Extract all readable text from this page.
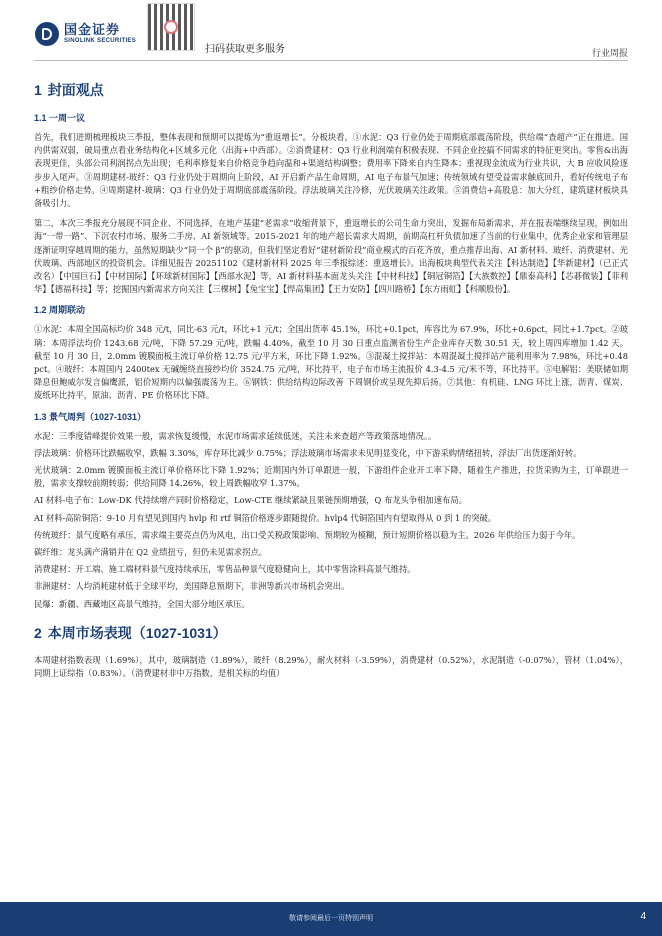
国金证券
SINOLINK SECURITIES
扫码获取更多服务	行业周报
1 封面观点
1.1 一周一议

首先，我们进期梳理板块三季报，整体表现和预期可以提炼为“重返增长”。分板块看，①水泥：Q3 行业仍处于周期底部震荡阶段，供给端“查超产”正在推进。国内供需双弱，破局重点看业务结构化+区域多元化（出海+中西部）。②消费建材：Q3 行业利润端有积极表现、不同企业控搞不同需求的特征更突出。零售&出海表现更佳，头部公司利润拐点先出现；毛利率修复来自价格竞争趋向温和+渠道结构调整；费用率下降来自内生降本；重视现金流成为行业共识，大 B 应收风险逐步步入尾声。③周期建材-玻纤：Q3 行业仍处于周期向上阶段，AI 开启新产品生命周期，AI 电子布景气加速；传统领域有望受益需求触底回升，看好传统电子布+粗纱价格走势。④周期建材-玻璃：Q3 行业仍处于周期底部震荡阶段。浮法玻璃关注冷修，光伏玻璃关注政策。⑤消费信+高股息：加大分红，建筑建材板块具备吸引力。

第二，本次三季报充分展现不同企业、不同选择，在地产基建“老需求”收缩背景下，重返增长的公司生命力突出，发掘布局新需求，并在报表端继续呈现，例如出海“一带一路”、下沉农村市场、服务二手房、AI 新领域等。2015-2021 年的地产超长需求大周期，前期高杠杆负债加速了当前的行业集中，优秀企业家和管理层逐渐证明穿越周期的能力，虽然短期缺少“同一个 β”的驱动，但我们坚定看好“建材新阶段”商业模式的百花齐放，重点推荐出海、AI 新材料、玻纤、消费建材、光伏玻璃、西部地区的投资机会。详细见报告 20251102《建材新材料 2025 年三季报综述：重返增长》。出海板块典型代表关注【科达制造】【华新建材】（已正式改名）【中国巨石】【中材国际】【环球新材国际】【西部水泥】等，AI 新材料基本面龙头关注【中材科技】【铜冠铜箔】【大族数控】【鼎泰高科】【芯碁微装】【菲利华】【德福科技】等；挖掘国内新需求方向关注【三棵树】【兔宝宝】【悍高集团】【王力安防】【四川路桥】【东方雨虹】【科顺股份】。

1.2 周期联动

①水泥：本周全国高标均价 348 元/t，同比-63 元/t，环比+1 元/t；全国出货率 45.1%，环比+0.1pct，库容比为 67.9%，环比+0.6pct，同比+1.7pct。②玻璃：本周浮法均价 1243.68 元/吨，下降 57.29 元/吨，跌幅 4.40%，截至 10 月 30 日重点监测省份生产企业库存天数 30.51 天，较上周四库增加 1.42 天。截至 10 月 30 日，2.0mm 镀膜面板主流订单价格 12.75 元/平方米，环比下降 1.92%。③混凝土搅拌站：本周混凝土搅拌站产能利用率为 7.98%，环比+0.48pct。④玻纤：本周国内 2400tex 无碱缠绕直接纱均价 3524.75 元/吨，环比持平，电子布市场主流报价 4.3-4.5 元/米不等，环比持平。⑤电解铝：美联储如期降息但鲍威尔发言偏鹰派，铝价短期内以偏强震荡为主。⑥钢铁：供给结构边际改善 下周钢价或呈现先抑后扬。⑦其他：有机硅、LNG 环比上涨，沥青、煤炭、废纸环比持平，原油、沥青、PE 价格环比下降。

1.3 景气周判（1027-1031）

水泥：三季度错峰提价效果一般，需求恢复缓慢，水泥市场需求延续低迷，关注未来查超产等政策落地情况。。

浮法玻璃：价格环比跌幅收窄，跌幅 3.30%，库存环比减少 0.75%；浮法玻璃市场需求未见明显变化，中下游采购情绪扭转，浮法厂出货逐渐好转。

光伏玻璃：2.0mm 镀膜面板主流订单价格环比下降 1.92%；近期国内外订单跟进一般，下游组件企业开工率下降，随着生产推进，拉货采购为主，订单跟进一般，需求支撑较前期转弱；供给同降 14.26%，较上周跌幅收窄 1.37%。

AI 材料-电子布：Low-DK 代持续增产同时价格稳定，Low-CTE 继续紧缺且果链预期增强，Q 布龙头争相加速布局。

AI 材料-高阶铜箔：9-10 月有望见到国内 hvlp 和 rtf 铜箔价格逐步跟随提价。hvlp4 代铜箔国内有望取得从 0 到 1 的突破。

传统玻纤：景气度略有承压，需求端主要亮点仍为风电，出口受关税政策影响、预期较为模糊，预计短期价格以稳为主。2026 年供给压力弱于今年。

碳纤维：龙头满产满销并在 Q2 业绩扭亏，但仍未见需求拐点。

消费建材：开工端、施工端材料景气度持续承压，零售品种景气度稳健向上，其中零售涂料高景气维持。

非洲建材：人均消耗建材低于全球平均，美国降息预期下，非洲等新兴市场机会突出。

民爆：新疆、西藏地区高景气维持，全国大部分地区承压。

2 本周市场表现（1027-1031）

本周建材指数表现（1.69%），其中，玻璃制造（1.89%），玻纤（8.29%），耐火材料（-3.59%），消费建材（0.52%），水泥制造（-0.07%），管材（1.04%），同期上证综指（0.83%）。（消费建材非中万指数，是相关标的均值）

敬请参阅最后一页特别声明	4
